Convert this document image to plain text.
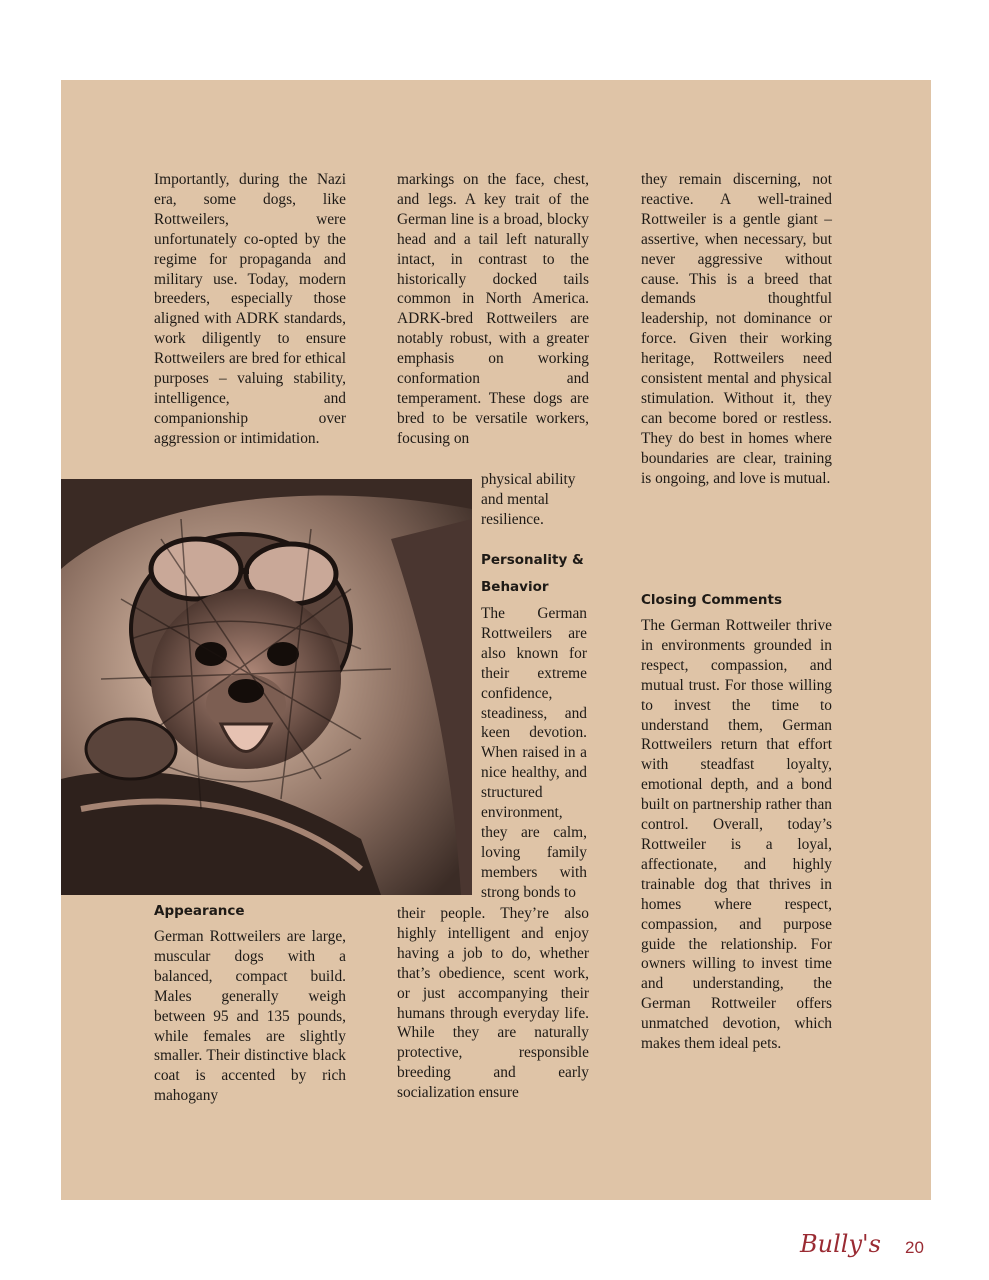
Importantly, during the Nazi era, some dogs, like Rottweilers, were unfortunately co-opted by the regime for propaganda and military use. Today, modern breeders, especially those aligned with ADRK standards, work diligently to ensure Rottweilers are bred for ethical purposes – valuing stability, intelligence, and companionship over aggression or intimidation.

Appearance

German Rottweilers are large, muscular dogs with a balanced, compact build. Males generally weigh between 95 and 135 pounds, while females are slightly smaller. Their distinctive black coat is accented by rich mahogany

markings on the face, chest, and legs. A key trait of the German line is a broad, blocky head and a tail left naturally intact, in contrast to the historically docked tails common in North America. ADRK-bred Rottweilers are notably robust, with a greater emphasis on working conformation and temperament. These dogs are bred to be versatile workers, focusing on

physical ability
and mental
resilience.

Personality &

Behavior

The German Rottweilers are also known for their extreme confidence, steadiness, and keen devotion. When raised in a nice healthy, and structured environment, they are calm, loving family members with strong bonds to

their people. They’re also highly intelligent and enjoy having a job to do, whether that’s obedience, scent work, or just accompanying their humans through everyday life. While they are naturally protective, responsible breeding and early socialization ensure

they remain discerning, not reactive. A well-trained Rottweiler is a gentle giant – assertive, when necessary, but never aggressive without cause. This is a breed that demands thoughtful leadership, not dominance or force. Given their working heritage, Rottweilers need consistent mental and physical stimulation. Without it, they can become bored or restless. They do best in homes where boundaries are clear, training is ongoing, and love is mutual.

Closing Comments

The German Rottweiler thrive in environments grounded in respect, compassion, and mutual trust. For those willing to invest the time to understand them, German Rottweilers return that effort with steadfast loyalty, emotional depth, and a bond built on partnership rather than control. Overall, today’s Rottweiler is a loyal, affectionate, and highly trainable dog that thrives in homes where respect, compassion, and purpose guide the relationship. For owners willing to invest time and understanding, the German Rottweiler offers unmatched devotion, which makes them ideal pets.

Bully's 20
